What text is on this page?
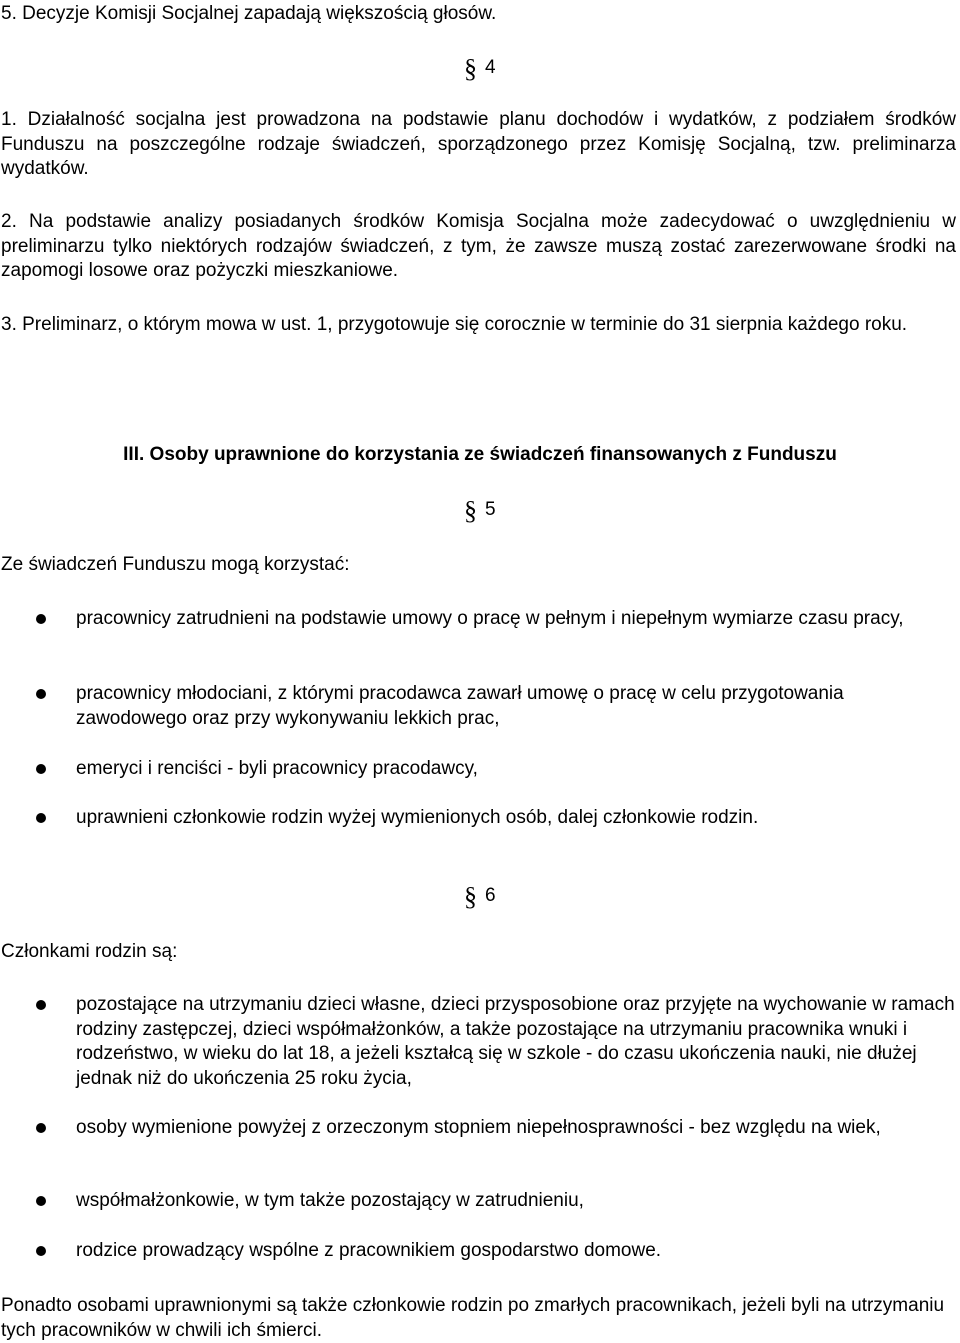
5. Decyzje Komisji Socjalnej zapadają większością głosów.

§ 4

1. Działalność socjalna jest prowadzona na podstawie planu dochodów i wydatków, z podziałem środków Funduszu na poszczególne rodzaje świadczeń, sporządzonego przez Komisję Socjalną, tzw. preliminarza wydatków.

2. Na podstawie analizy posiadanych środków Komisja Socjalna może zadecydować o uwzględnieniu w preliminarzu tylko niektórych rodzajów świadczeń, z tym, że zawsze muszą zostać zarezerwowane środki na zapomogi losowe oraz pożyczki mieszkaniowe.

3. Preliminarz, o którym mowa w ust. 1, przygotowuje się corocznie w terminie do 31 sierpnia każdego roku.

III. Osoby uprawnione do korzystania ze świadczeń finansowanych z Funduszu
§ 5

Ze świadczeń Funduszu mogą korzystać:

pracownicy zatrudnieni na podstawie umowy o pracę w pełnym i niepełnym wymiarze czasu pracy,
pracownicy młodociani, z którymi pracodawca zawarł umowę o pracę w celu przygotowania zawodowego oraz przy wykonywaniu lekkich prac,
emeryci i renciści - byli pracownicy pracodawcy,
uprawnieni członkowie rodzin wyżej wymienionych osób, dalej członkowie rodzin.
§ 6

Członkami rodzin są:

pozostające na utrzymaniu dzieci własne, dzieci przysposobione oraz przyjęte na wychowanie w ramach rodziny zastępczej, dzieci współmałżonków, a także pozostające na utrzymaniu pracownika wnuki i rodzeństwo, w wieku do lat 18, a jeżeli kształcą się w szkole - do czasu ukończenia nauki, nie dłużej jednak niż do ukończenia 25 roku życia,
osoby wymienione powyżej z orzeczonym stopniem niepełnosprawności - bez względu na wiek,
współmałżonkowie, w tym także pozostający w zatrudnieniu,
rodzice prowadzący wspólne z pracownikiem gospodarstwo domowe.

Ponadto osobami uprawnionymi są także członkowie rodzin po zmarłych pracownikach, jeżeli byli na utrzymaniu tych pracowników w chwili ich śmierci.
